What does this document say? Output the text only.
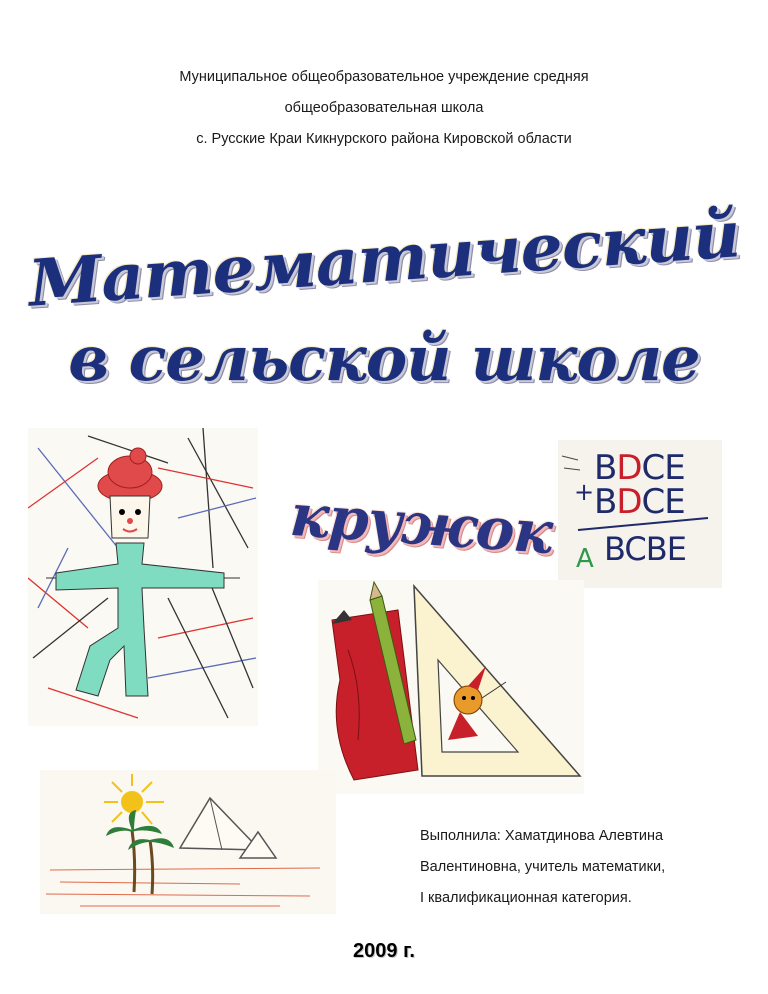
Муниципальное общеобразовательное учреждение средняя
общеобразовательная школа
с. Русские Краи Кикнурского района Кировской области
Математический
в сельской школе
кружок
BDCE
+ BDCE
A BCBE
Выполнила: Хаматдинова Алевтина
Валентиновна, учитель математики,
I квалификационная категория.
2009 г.
